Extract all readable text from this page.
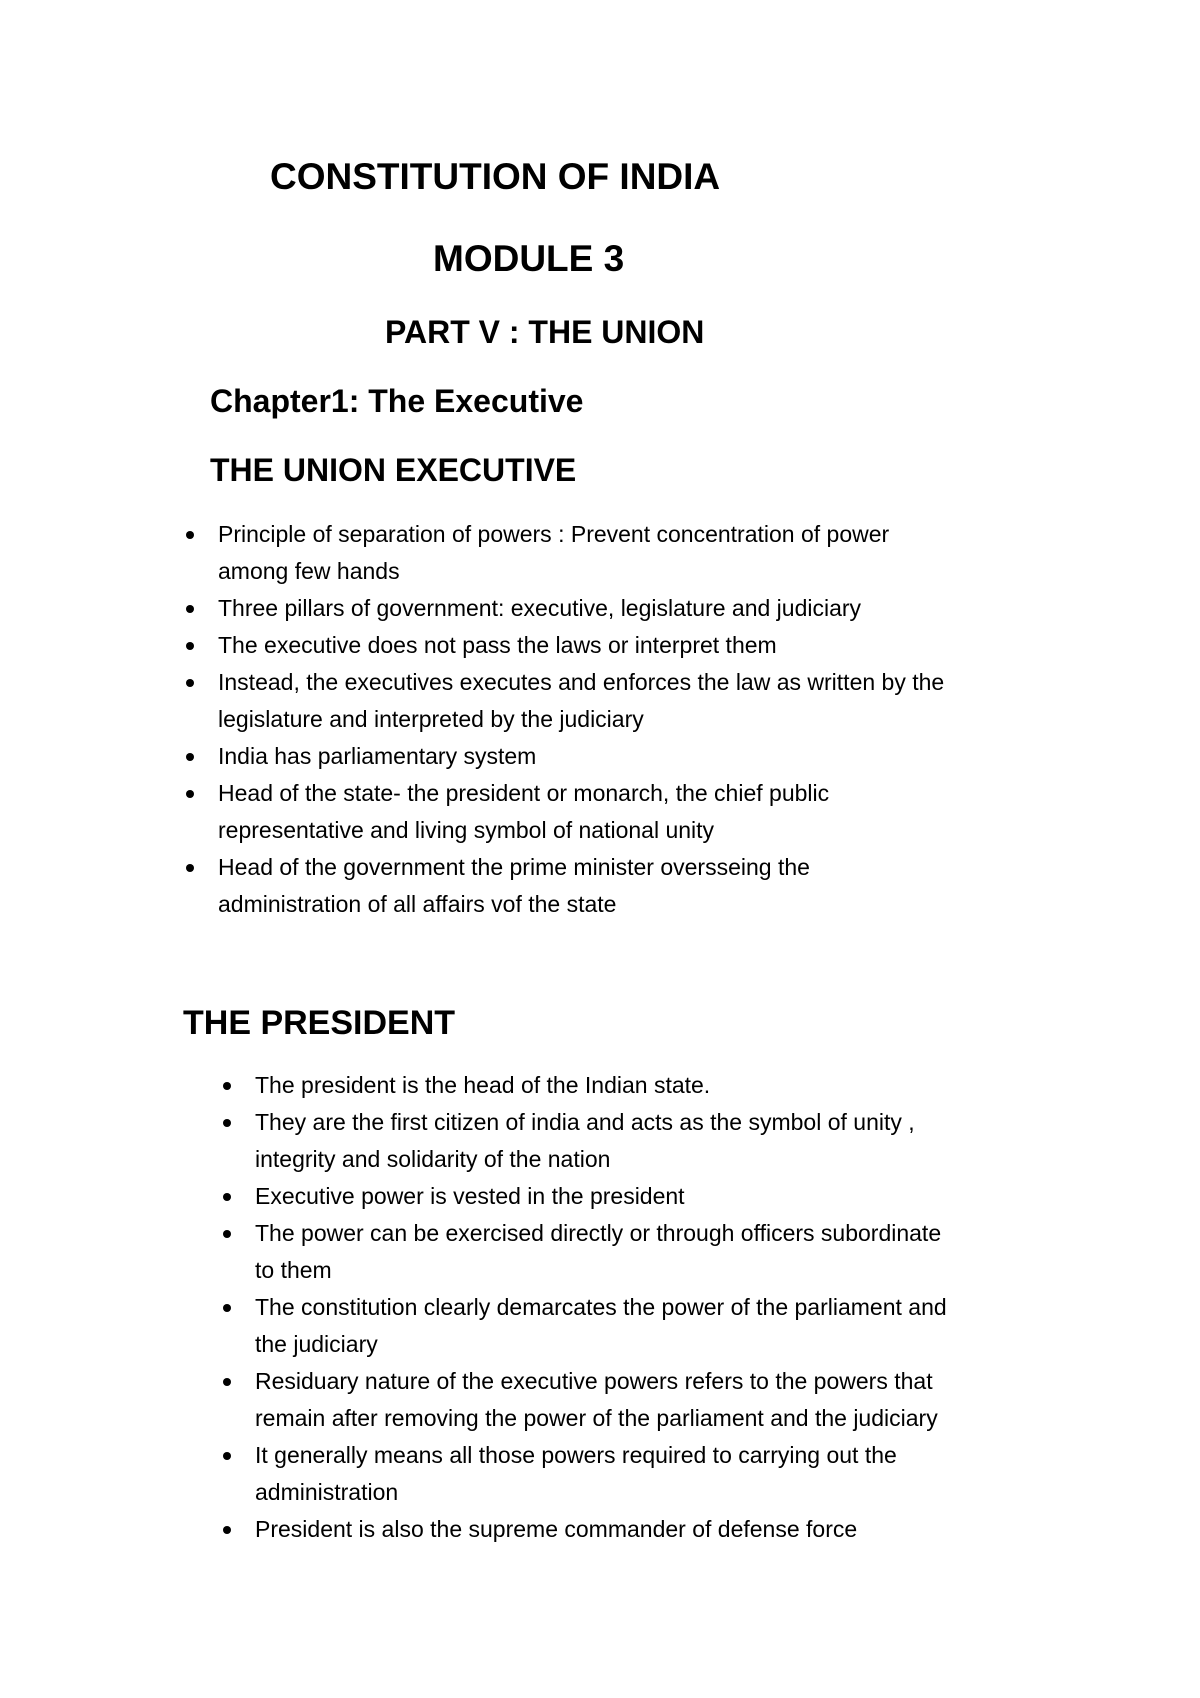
CONSTITUTION OF INDIA
MODULE 3
PART V : THE UNION
Chapter1: The Executive
THE UNION EXECUTIVE
Principle of separation of powers : Prevent concentration of power
among few hands
Three pillars of government: executive, legislature and judiciary
The executive does not pass the laws or interpret them
Instead, the executives executes and enforces the law as written by the
legislature and interpreted by the judiciary
India has parliamentary system
Head of the state- the president or monarch, the chief public
representative and living symbol of national unity
Head of the government the prime minister oversseing the
administration of all affairs vof the state
THE PRESIDENT
The president is the head of the Indian state.
They are the first citizen of india and acts as the symbol of unity ,
integrity and solidarity of the nation
Executive power is vested in the president
The power can be exercised directly or through officers subordinate
to them
The constitution clearly demarcates the power of the parliament and
the judiciary
Residuary nature of the executive powers refers to the powers that
remain after removing the power of the parliament and the judiciary
It generally means all those powers required to carrying out the
administration
President is also the supreme commander of defense force
